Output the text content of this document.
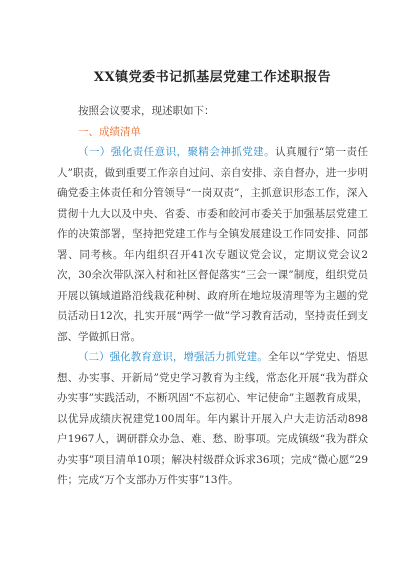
XX镇党委书记抓基层党建工作述职报告

按照会议要求，现述职如下：

一、成绩清单

（一）强化责任意识，聚精会神抓党建。认真履行“第一责任人”职责，做到重要工作亲自过问、亲自安排、亲自督办，进一步明确党委主体责任和分管领导“一岗双责”，主抓意识形态工作，深入贯彻十九大以及中央、省委、市委和皎河市委关于加强基层党建工作的决策部署，坚持把党建工作与全镇发展建设工作同安排、同部署、同考核。年内组织召开41次专题议党会议，定期议党会议2次，30余次带队深入村和社区督促落实“三会一课”制度，组织党员开展以镇域道路沿线栽花种树、政府所在地垃圾清理等为主题的党员活动日12次，扎实开展“两学一做”学习教育活动，坚持责任到支部、学做抓日常。

（二）强化教育意识，增强活力抓党建。全年以“学党史、悟思想、办实事、开新局”党史学习教育为主线，常态化开展“我为群众办实事”实践活动，不断巩固“不忘初心、牢记使命”主题教育成果，以优异成绩庆祝建党100周年。年内累计开展入户大走访活动898户1967人，调研群众办急、难、愁、盼事项。完成镇级“我为群众办实事”项目清单10项；解决村级群众诉求36项；完成“微心愿”29件；完成“万个支部办万件实事”13件。
